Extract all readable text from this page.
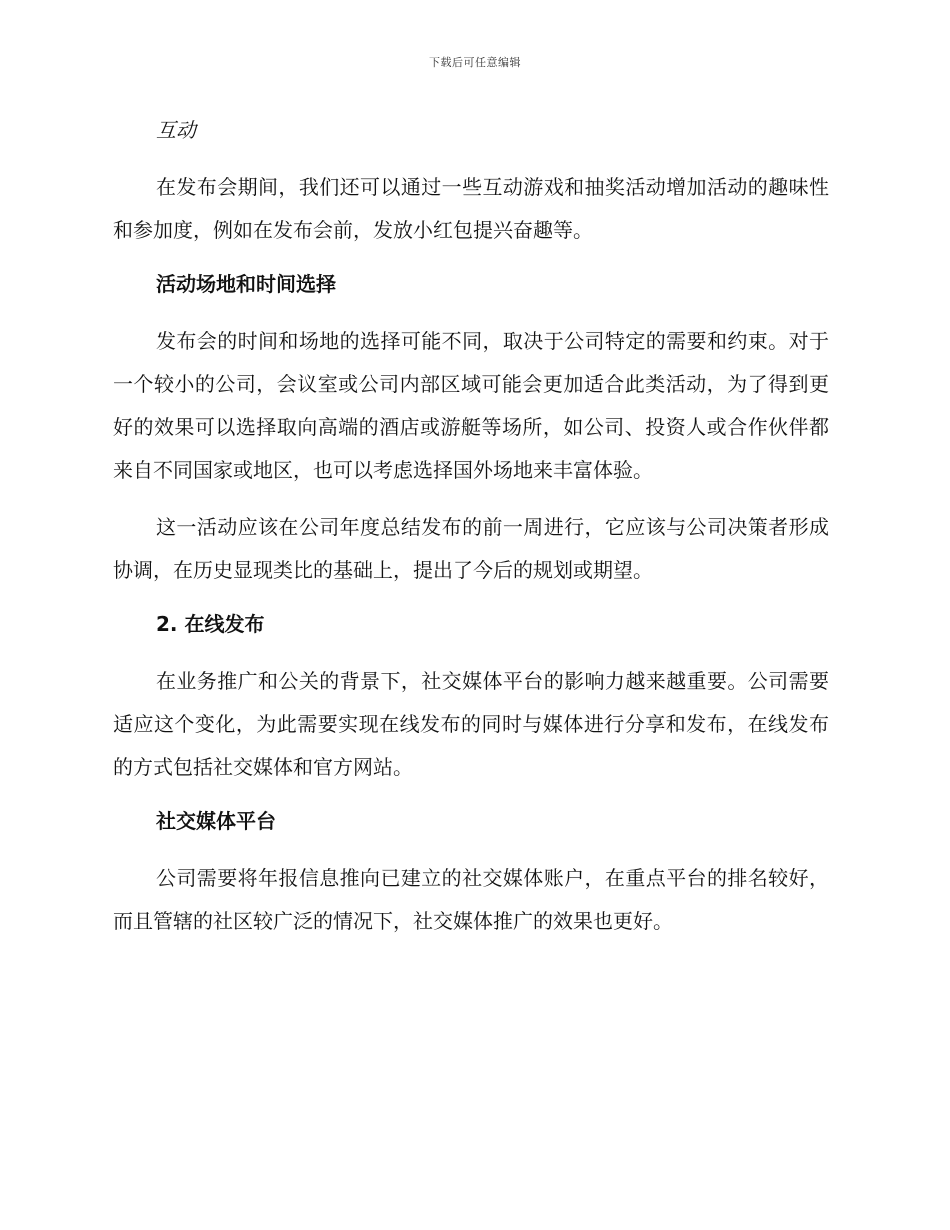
下载后可任意编辑
互动

在发布会期间，我们还可以通过一些互动游戏和抽奖活动增加活动的趣味性和参加度，例如在发布会前，发放小红包提兴奋趣等。

活动场地和时间选择

发布会的时间和场地的选择可能不同，取决于公司特定的需要和约束。对于一个较小的公司，会议室或公司内部区域可能会更加适合此类活动，为了得到更好的效果可以选择取向高端的酒店或游艇等场所，如公司、投资人或合作伙伴都来自不同国家或地区，也可以考虑选择国外场地来丰富体验。

这一活动应该在公司年度总结发布的前一周进行，它应该与公司决策者形成协调，在历史显现类比的基础上，提出了今后的规划或期望。

2. 在线发布

在业务推广和公关的背景下，社交媒体平台的影响力越来越重要。公司需要适应这个变化，为此需要实现在线发布的同时与媒体进行分享和发布，在线发布的方式包括社交媒体和官方网站。

社交媒体平台

公司需要将年报信息推向已建立的社交媒体账户，在重点平台的排名较好，而且管辖的社区较广泛的情况下，社交媒体推广的效果也更好。
